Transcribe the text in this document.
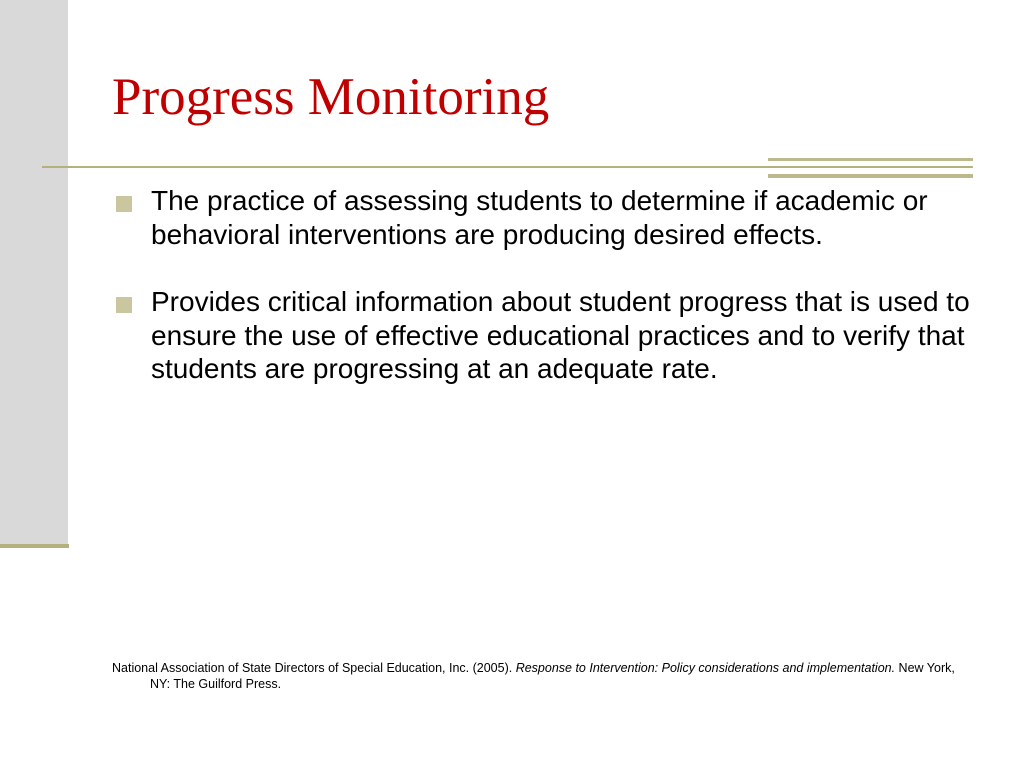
Progress Monitoring
The practice of assessing students to determine if academic or behavioral interventions are producing desired effects.
Provides critical information about student progress that is used to ensure the use of effective educational practices and to verify that students are progressing at an adequate rate.

National Association of State Directors of Special Education, Inc. (2005). Response to Intervention: Policy considerations and implementation. New York, NY: The Guilford Press.
